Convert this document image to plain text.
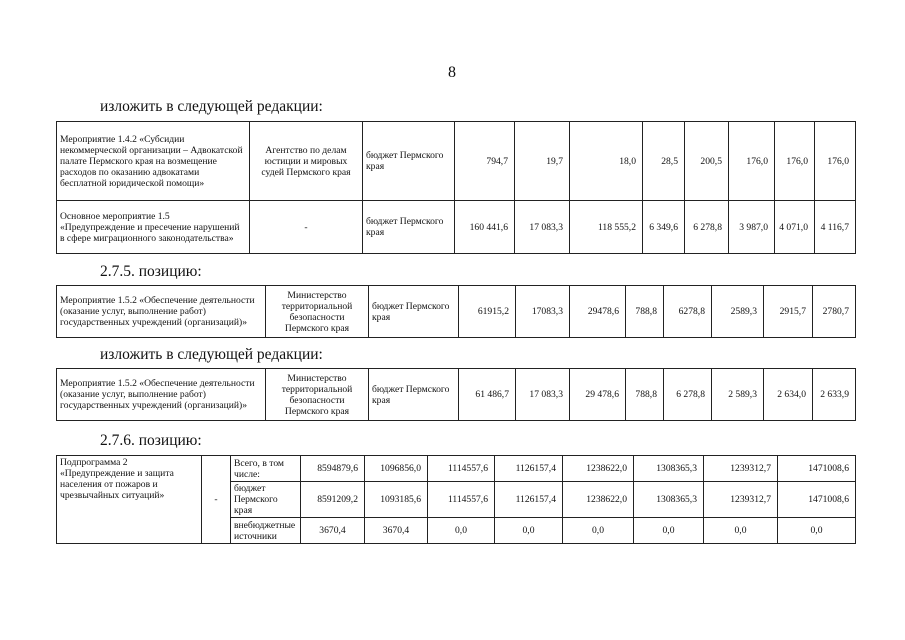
8
изложить в следующей редакции:
Мероприятие 1.4.2 «Субсидии некоммерческой организации – Адвокатской палате Пермского края на возмещение расходов по оказанию адвокатами бесплатной юридической помощи»	Агентство по делам юстиции и мировых судей Пермского края	бюджет Пермского края	794,7	19,7	18,0	28,5	200,5	176,0	176,0	176,0
Основное мероприятие 1.5 «Предупреждение и пресечение нарушений в сфере миграционного законодательства»	-	бюджет Пермского края	160 441,6	17 083,3	118 555,2	6 349,6	6 278,8	3 987,0	4 071,0	4 116,7
2.7.5. позицию:
Мероприятие 1.5.2 «Обеспечение деятельности (оказание услуг, выполнение работ) государственных учреждений (организаций)»	Министерство территориальной безопасности Пермского края	бюджет Пермского края	61915,2	17083,3	29478,6	788,8	6278,8	2589,3	2915,7	2780,7
изложить в следующей редакции:
Мероприятие 1.5.2 «Обеспечение деятельности (оказание услуг, выполнение работ) государственных учреждений (организаций)»	Министерство территориальной безопасности Пермского края	бюджет Пермского края	61 486,7	17 083,3	29 478,6	788,8	6 278,8	2 589,3	2 634,0	2 633,9
2.7.6. позицию:
Подпрограмма 2 «Предупреждение и защита населения от пожаров и чрезвычайных ситуаций»	-	Всего, в том числе:	8594879,6	1096856,0	1114557,6	1126157,4	1238622,0	1308365,3	1239312,7	1471008,6
		бюджет Пермского края	8591209,2	1093185,6	1114557,6	1126157,4	1238622,0	1308365,3	1239312,7	1471008,6
		внебюджетные источники	3670,4	3670,4	0,0	0,0	0,0	0,0	0,0	0,0
